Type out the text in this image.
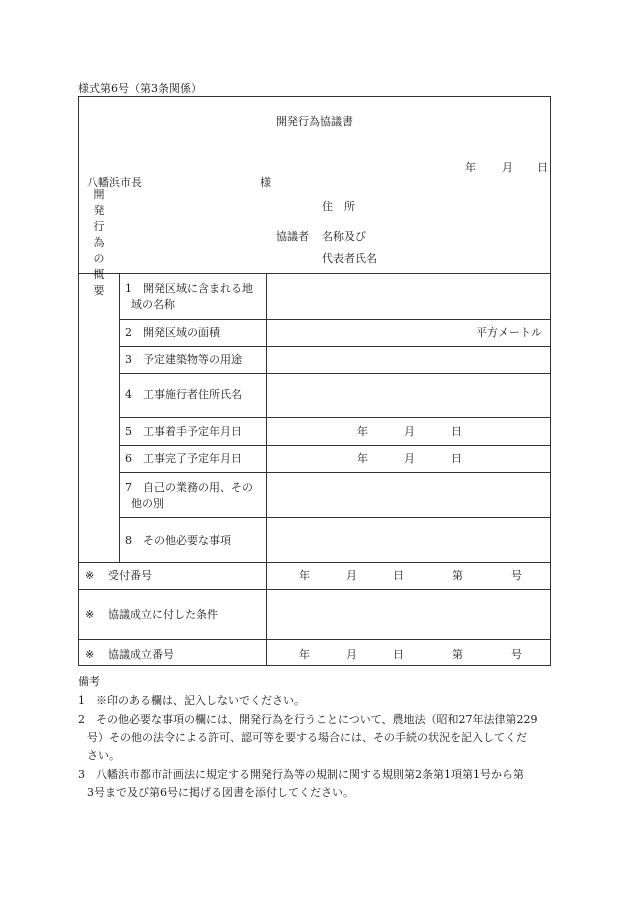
様式第6号（第3条関係）
開発行為協議書
年 月 日
八幡浜市長	様
住　所
協議者 名称及び
代表者氏名
開
発
行
為
の
概
要	1 開発区域に含まれる地
域の名称
2 開発区域の面積	平方メートル
3 予定建築物等の用途
4 工事施行者住所氏名
5 工事着手予定年月日	年	月	日
6 工事完了予定年月日	年	月	日
7 自己の業務の用、その
他の別
8 その他必要な事項
※ 受付番号	年	月	日	第	号
※ 協議成立に付した条件
※ 協議成立番号	年	月	日	第	号
備考
1　※印のある欄は、記入しないでください。
2　その他必要な事項の欄には、開発行為を行うことについて、農地法（昭和27年法律第229
号）その他の法令による許可、認可等を要する場合には、その手続の状況を記入してくだ
さい。
3　八幡浜市都市計画法に規定する開発行為等の規制に関する規則第2条第1項第1号から第
3号まで及び第6号に掲げる図書を添付してください。
